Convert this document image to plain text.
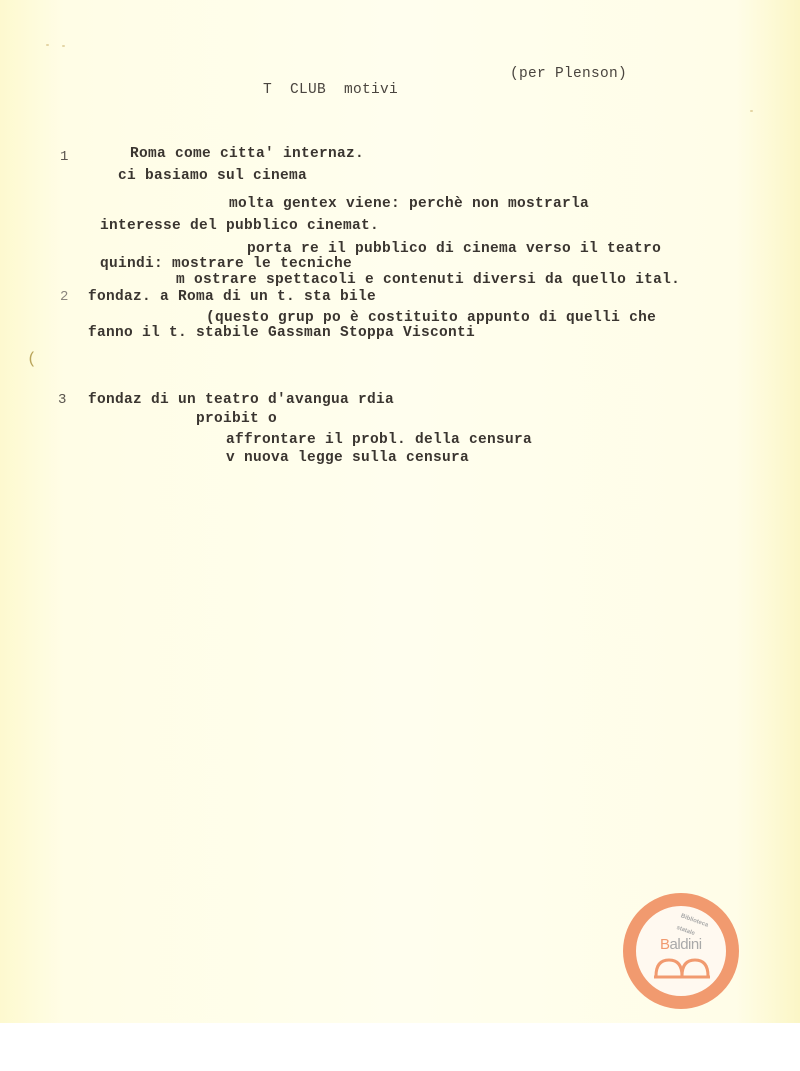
(per Plenson)
T  CLUB  motivi
1	Roma come citta' internaz.
ci basiamo sul cinema
molta gentex viene: perchè non mostrarla
interesse del pubblico cinemat.
porta re il pubblico di cinema verso il teatro
quindi: mostrare le tecniche
m ostrare spettacoli e contenuti diversi da quello ital.
2 fondaz. a Roma di un t. sta bile
(questo grup po è costituito appunto di quelli che
fanno il t. stabile Gassman Stoppa Visconti
(
3 fondaz di un teatro d'avangua rdia
proibit o
affrontare il probl. della censura
v nuova legge sulla censura
Biblioteca
statale
Baldini
